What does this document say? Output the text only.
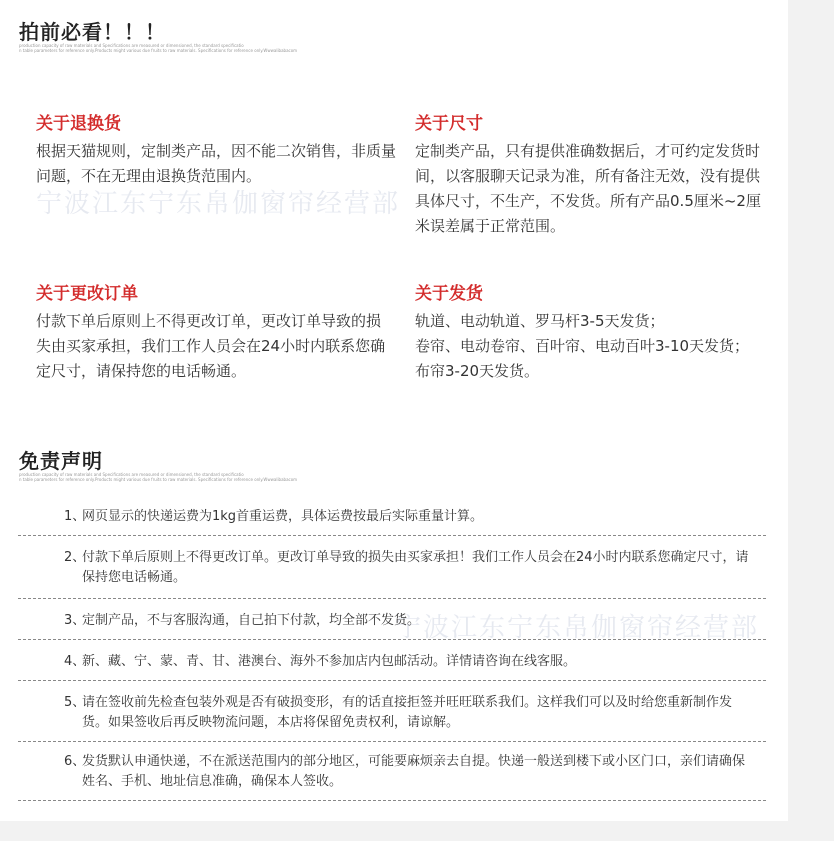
拍前必看！！！
production capacity of raw materials and Specifications are measured or dimensioned, the standard specificatio
n table parameters for reference only.Products might various due fruits to raw materials. Specifications for reference only.Wwwalibabacom
关于退换货

根据天猫规则，定制类产品，因不能二次销售，非质量问题，不在无理由退换货范围内。

关于尺寸

定制类产品，只有提供准确数据后，才可约定发货时间，以客服聊天记录为准，所有备注无效，没有提供具体尺寸，不生产，不发货。所有产品0.5厘米~2厘米误差属于正常范围。

关于更改订单

付款下单后原则上不得更改订单，更改订单导致的损失由买家承担，我们工作人员会在24小时内联系您确定尺寸，请保持您的电话畅通。

关于发货

轨道、电动轨道、罗马杆3-5天发货；

卷帘、电动卷帘、百叶帘、电动百叶3-10天发货；

布帘3-20天发货。

宁波江东宁东帛伽窗帘经营部
宁波江东宁东帛伽窗帘经营部
免责声明
production capacity of raw materials and Specifications are measured or dimensioned, the standard specificatio
n table parameters for reference only.Products might various due fruits to raw materials. Specifications for reference only.Wwwalibabacom
1、
网页显示的快递运费为1kg首重运费，具体运费按最后实际重量计算。
2、
付款下单后原则上不得更改订单。更改订单导致的损失由买家承担！我们工作人员会在24小时内联系您确定尺寸，请保持您电话畅通。
3、
定制产品，不与客服沟通，自己拍下付款，均全部不发货。
4、
新、藏、宁、蒙、青、甘、港澳台、海外不参加店内包邮活动。详情请咨询在线客服。
5、
请在签收前先检查包装外观是否有破损变形，有的话直接拒签并旺旺联系我们。这样我们可以及时给您重新制作发货。如果签收后再反映物流问题，本店将保留免责权利，请谅解。
6、
发货默认申通快递，不在派送范围内的部分地区，可能要麻烦亲去自提。快递一般送到楼下或小区门口，亲们请确保姓名、手机、地址信息准确，确保本人签收。
